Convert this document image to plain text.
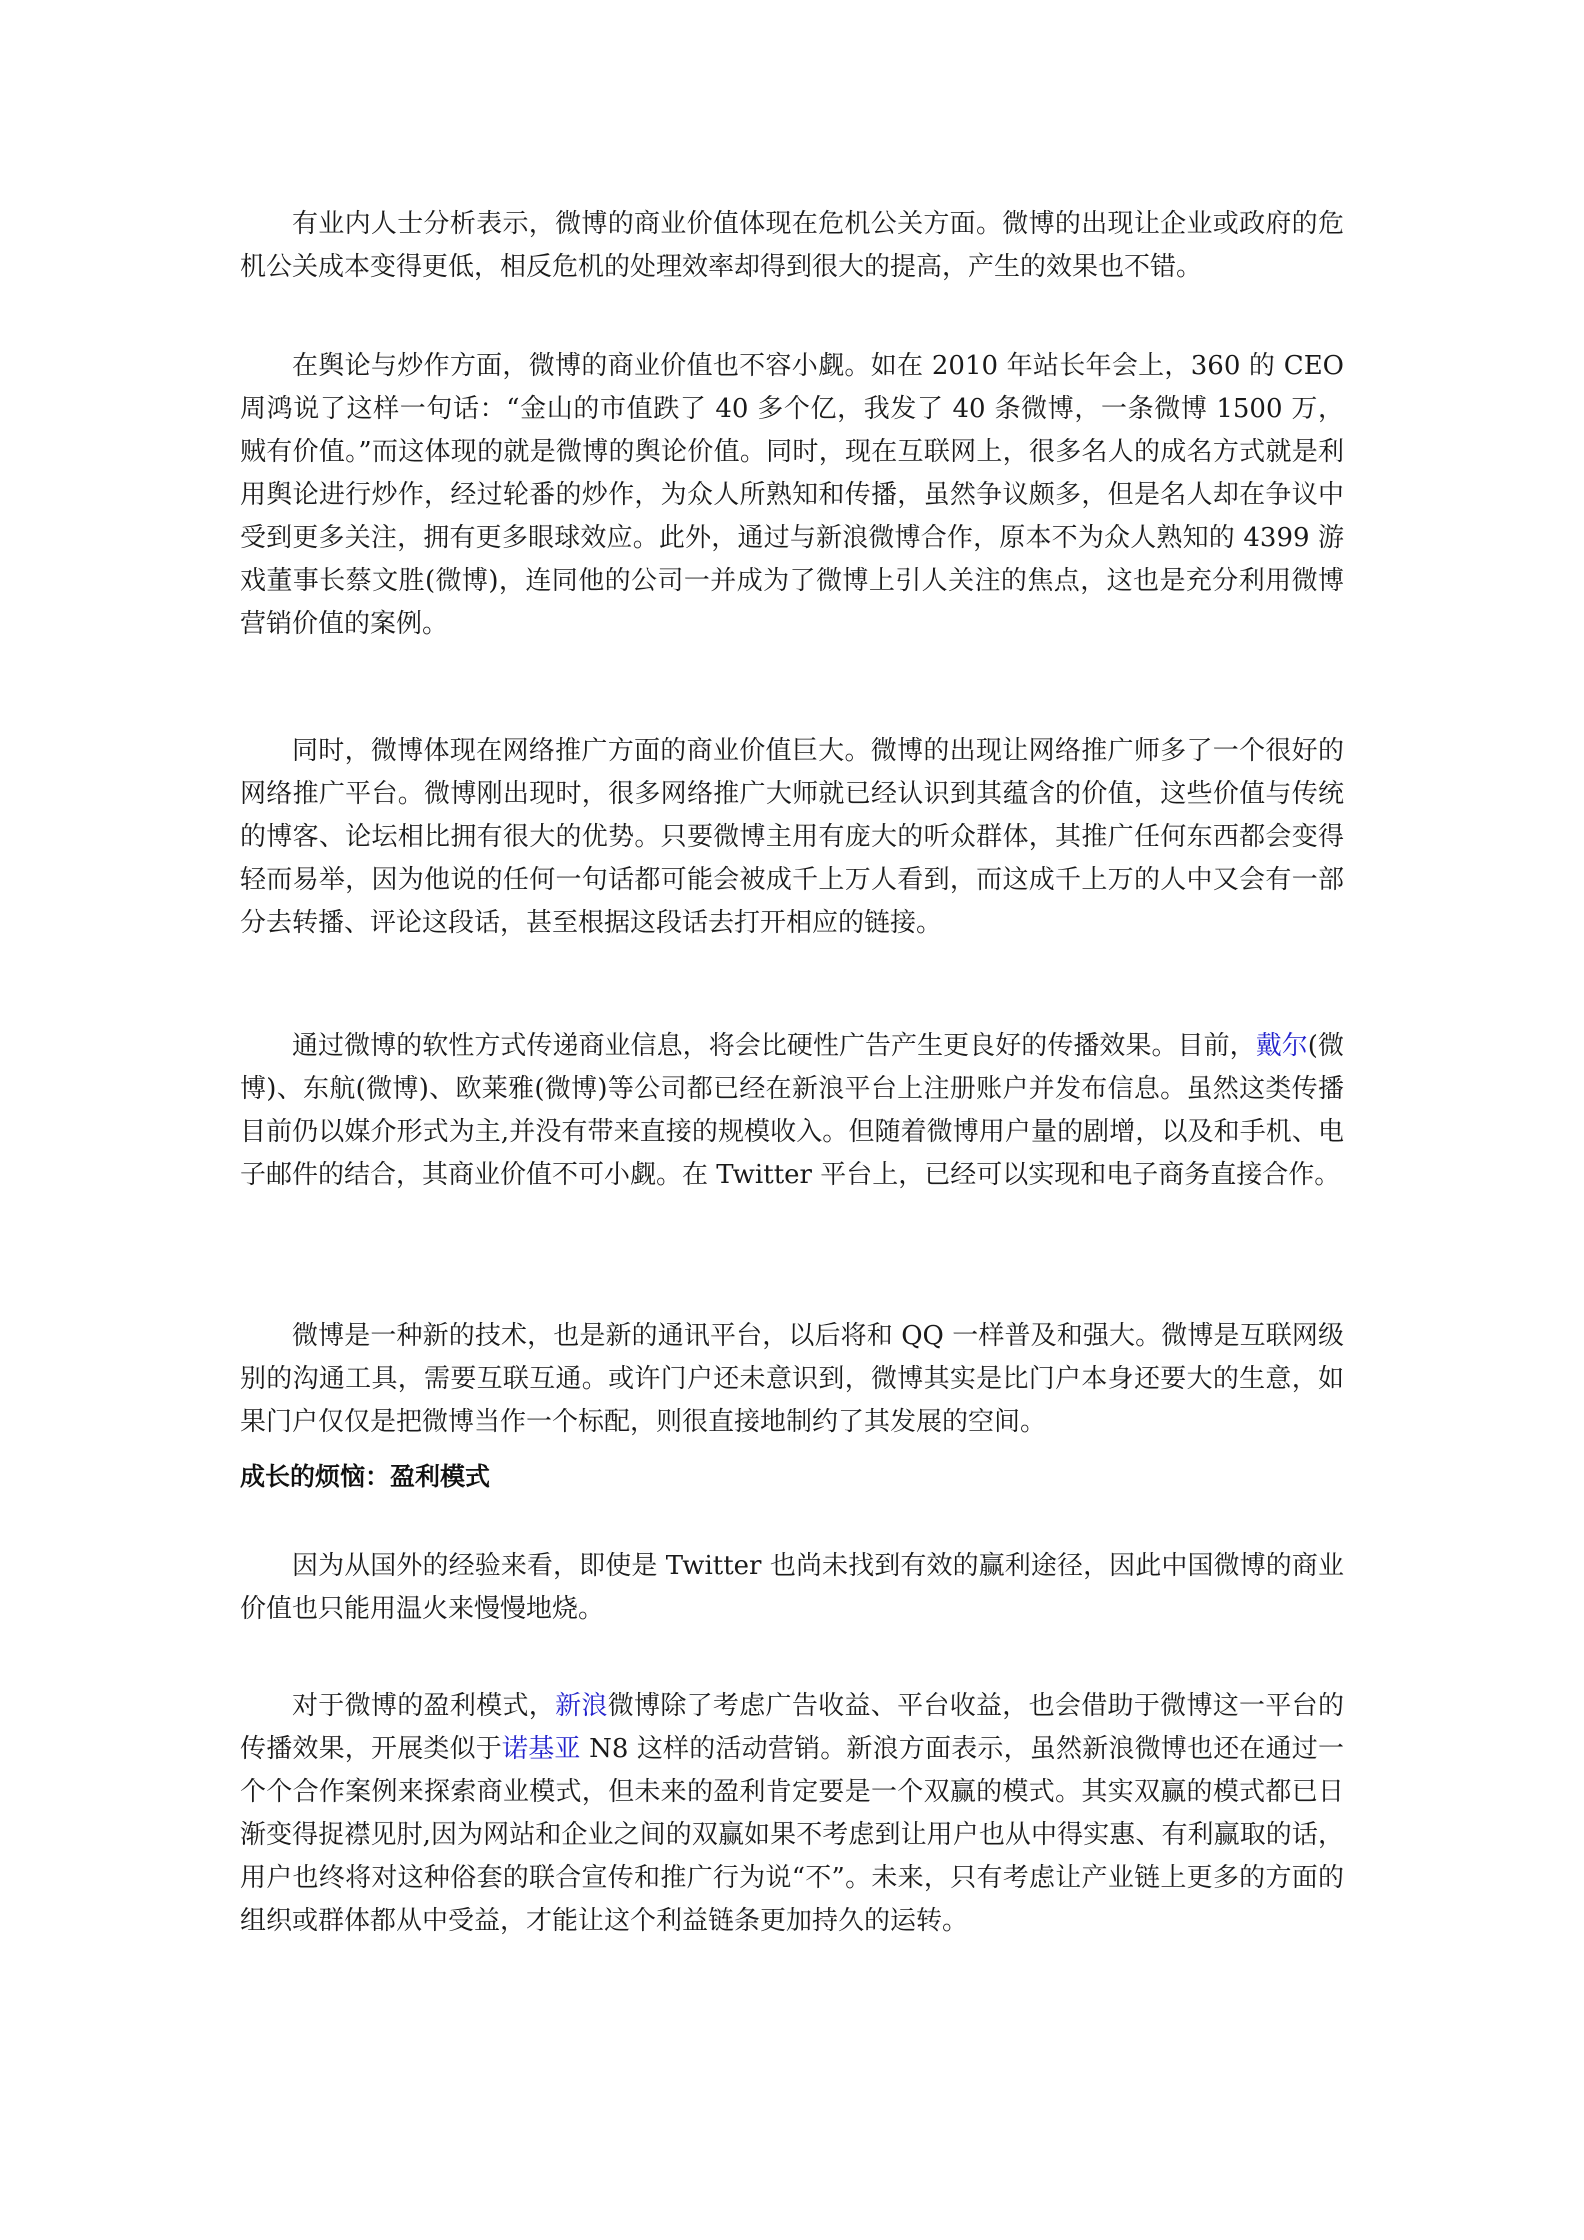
有业内人士分析表示，微博的商业价值体现在危机公关方面。微博的出现让企业或政府的危机公关成本变得更低，相反危机的处理效率却得到很大的提高，产生的效果也不错。

在舆论与炒作方面，微博的商业价值也不容小觑。如在 2010 年站长年会上，360 的 CEO 周鸿说了这样一句话：“金山的市值跌了 40 多个亿，我发了 40 条微博，一条微博 1500 万，贼有价值。”而这体现的就是微博的舆论价值。同时，现在互联网上，很多名人的成名方式就是利用舆论进行炒作，经过轮番的炒作，为众人所熟知和传播，虽然争议颇多，但是名人却在争议中受到更多关注，拥有更多眼球效应。此外，通过与新浪微博合作，原本不为众人熟知的 4399 游戏董事长蔡文胜(微博)，连同他的公司一并成为了微博上引人关注的焦点，这也是充分利用微博营销价值的案例。

同时，微博体现在网络推广方面的商业价值巨大。微博的出现让网络推广师多了一个很好的网络推广平台。微博刚出现时，很多网络推广大师就已经认识到其蕴含的价值，这些价值与传统的博客、论坛相比拥有很大的优势。只要微博主用有庞大的听众群体，其推广任何东西都会变得轻而易举，因为他说的任何一句话都可能会被成千上万人看到，而这成千上万的人中又会有一部分去转播、评论这段话，甚至根据这段话去打开相应的链接。

通过微博的软性方式传递商业信息，将会比硬性广告产生更良好的传播效果。目前，戴尔(微博)、东航(微博)、欧莱雅(微博)等公司都已经在新浪平台上注册账户并发布信息。虽然这类传播目前仍以媒介形式为主,并没有带来直接的规模收入。但随着微博用户量的剧增，以及和手机、电子邮件的结合，其商业价值不可小觑。在 Twitter 平台上，已经可以实现和电子商务直接合作。

微博是一种新的技术，也是新的通讯平台，以后将和 QQ 一样普及和强大。微博是互联网级别的沟通工具，需要互联互通。或许门户还未意识到，微博其实是比门户本身还要大的生意，如果门户仅仅是把微博当作一个标配，则很直接地制约了其发展的空间。

成长的烦恼：盈利模式

因为从国外的经验来看，即使是 Twitter 也尚未找到有效的赢利途径，因此中国微博的商业价值也只能用温火来慢慢地烧。

对于微博的盈利模式，新浪微博除了考虑广告收益、平台收益，也会借助于微博这一平台的传播效果，开展类似于诺基亚 N8 这样的活动营销。新浪方面表示，虽然新浪微博也还在通过一个个合作案例来探索商业模式，但未来的盈利肯定要是一个双赢的模式。其实双赢的模式都已日渐变得捉襟见肘,因为网站和企业之间的双赢如果不考虑到让用户也从中得实惠、有利赢取的话，用户也终将对这种俗套的联合宣传和推广行为说“不”。未来，只有考虑让产业链上更多的方面的组织或群体都从中受益，才能让这个利益链条更加持久的运转。
